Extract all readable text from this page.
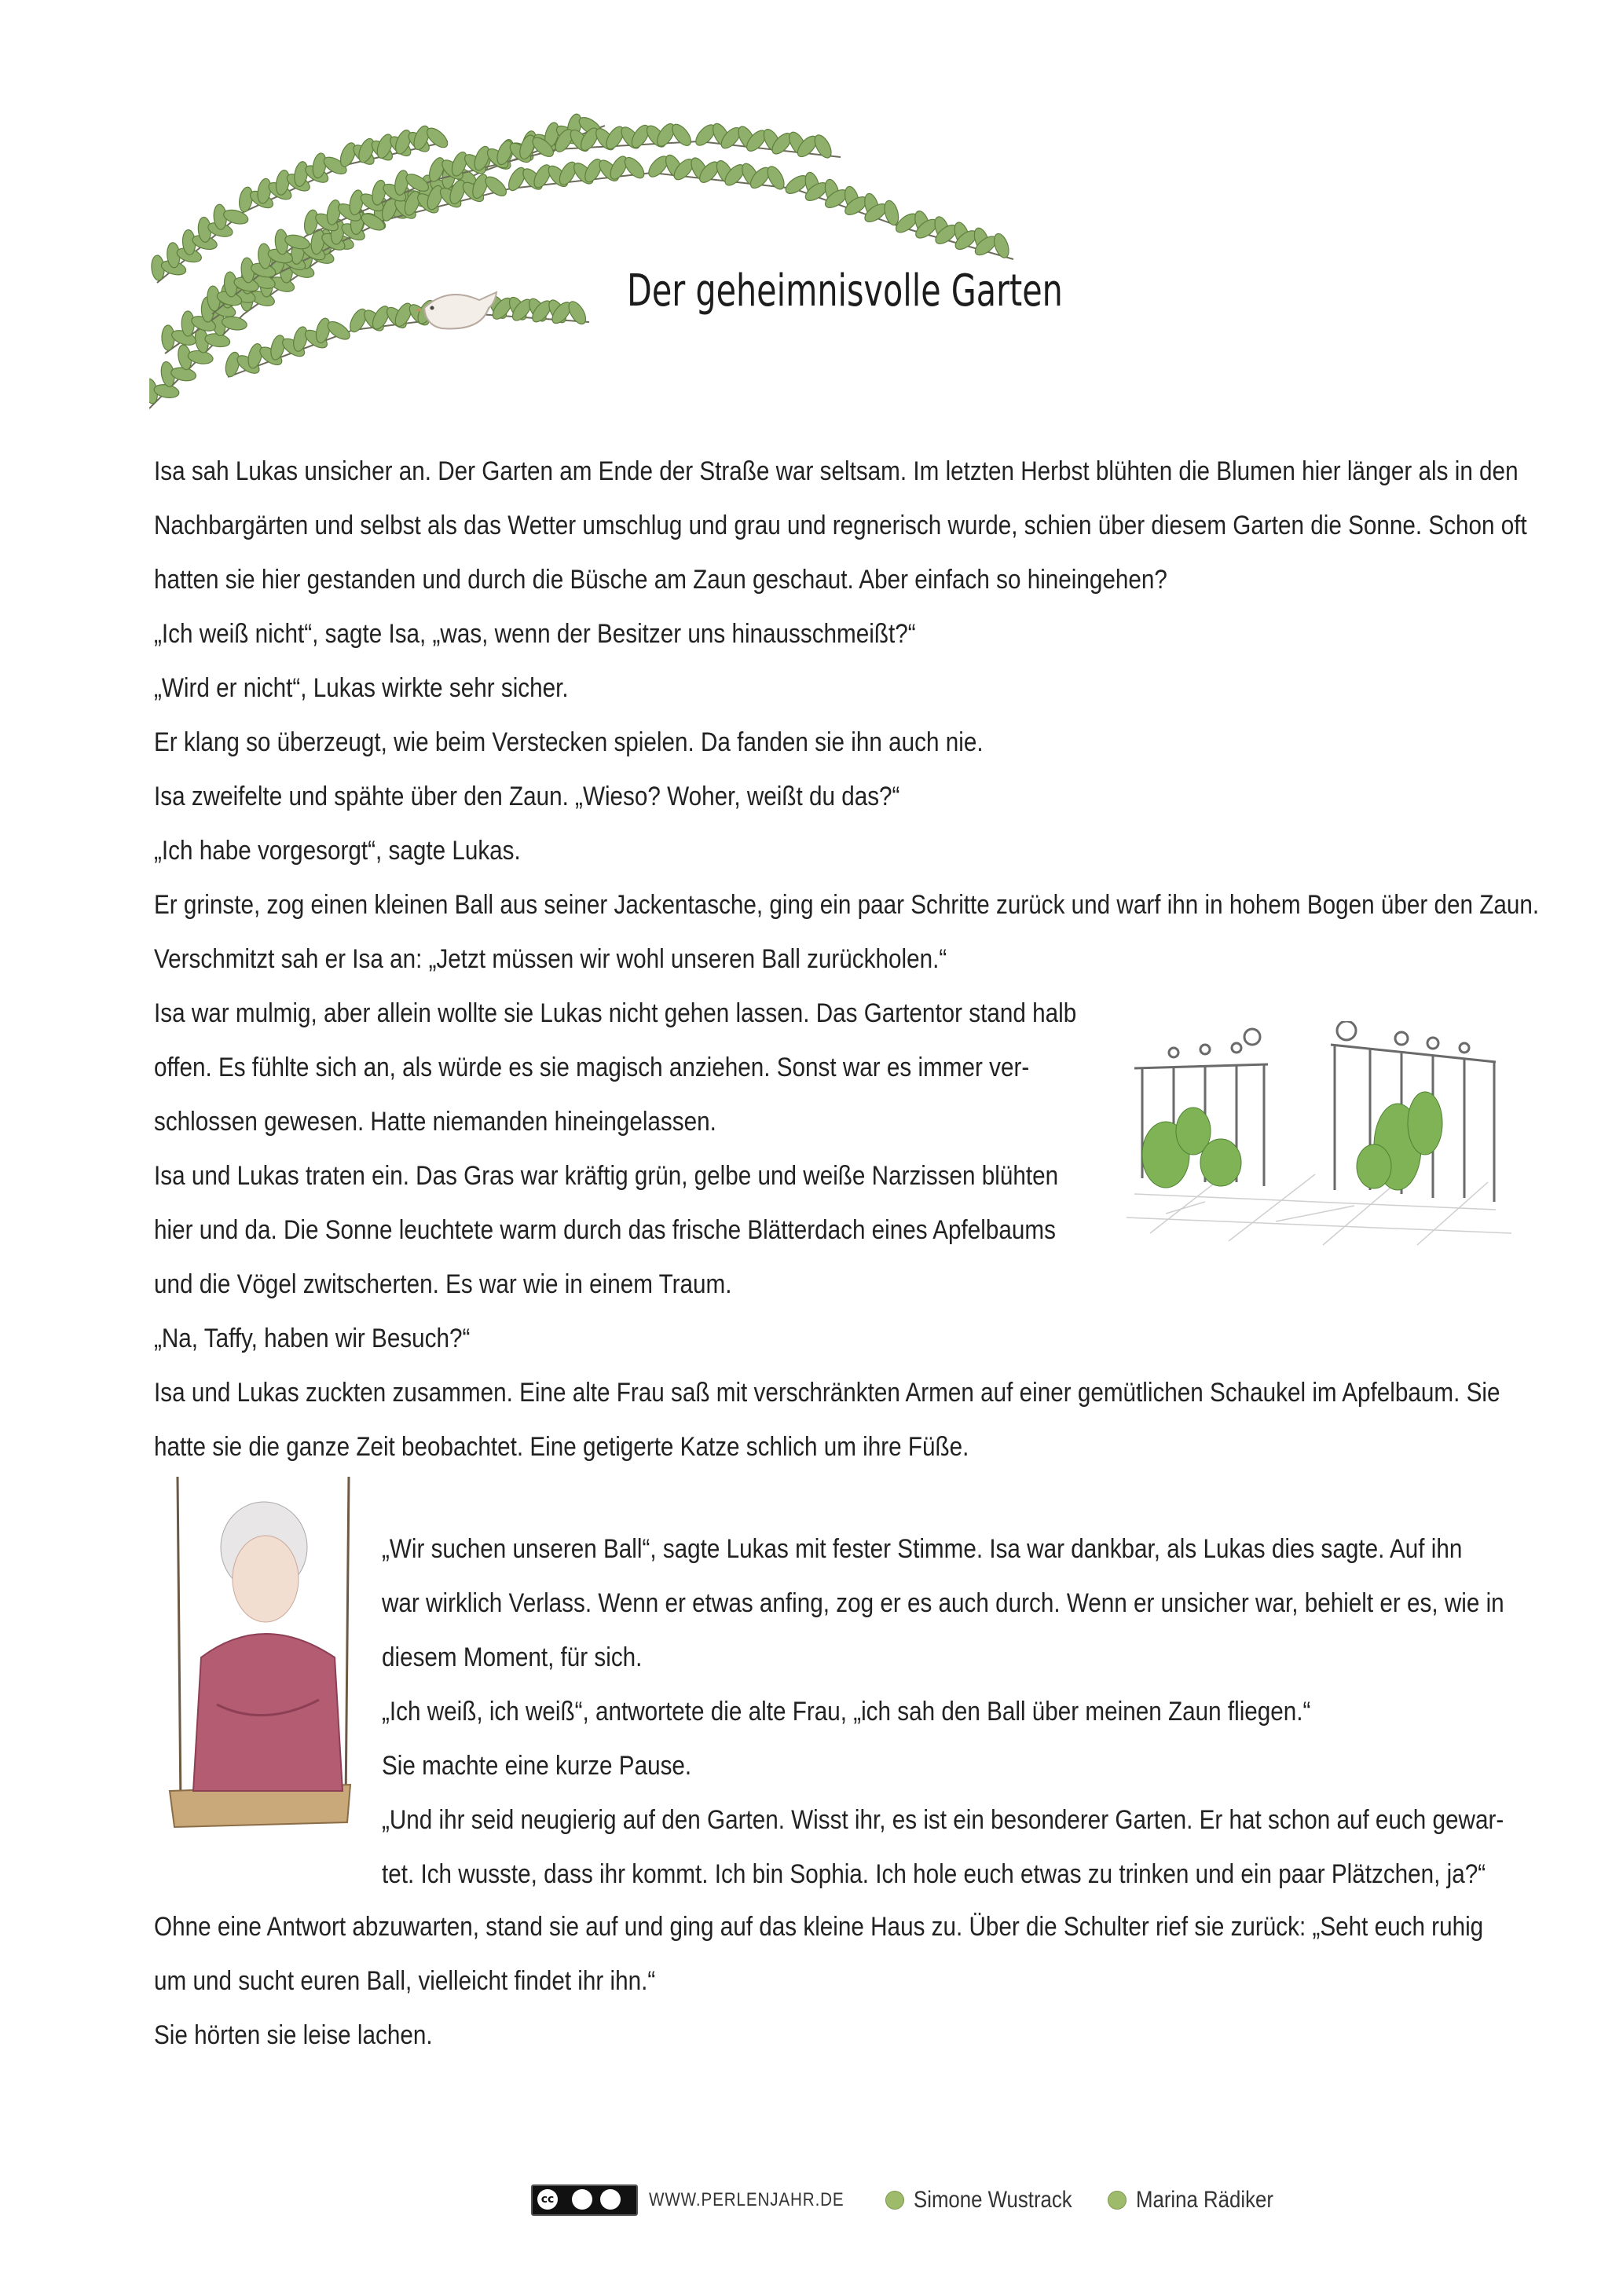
Der geheimnisvolle Garten

Isa sah Lukas unsicher an. Der Garten am Ende der Straße war seltsam. Im letzten Herbst blühten die Blumen hier länger als in den

Nachbargärten und selbst als das Wetter umschlug und grau und regnerisch wurde, schien über diesem Garten die Sonne. Schon oft

hatten sie hier gestanden und durch die Büsche am Zaun geschaut. Aber einfach so hineingehen?

„Ich weiß nicht“, sagte Isa, „was, wenn der Besitzer uns hinausschmeißt?“

„Wird er nicht“, Lukas wirkte sehr sicher.

Er klang so überzeugt, wie beim Verstecken spielen. Da fanden sie ihn auch nie.

Isa zweifelte und spähte über den Zaun. „Wieso? Woher, weißt du das?“

„Ich habe vorgesorgt“, sagte Lukas.

Er grinste, zog einen kleinen Ball aus seiner Jackentasche, ging ein paar Schritte zurück und warf ihn in hohem Bogen über den Zaun.

Verschmitzt sah er Isa an: „Jetzt müssen wir wohl unseren Ball zurückholen.“

Isa war mulmig, aber allein wollte sie Lukas nicht gehen lassen. Das Gartentor stand halb

offen. Es fühlte sich an, als würde es sie magisch anziehen. Sonst war es immer ver-

schlossen gewesen. Hatte niemanden hineingelassen.

Isa und Lukas traten ein. Das Gras war kräftig grün, gelbe und weiße Narzissen blühten

hier und da. Die Sonne leuchtete warm durch das frische Blätterdach eines Apfelbaums

und die Vögel zwitscherten. Es war wie in einem Traum.

„Na, Taffy, haben wir Besuch?“

Isa und Lukas zuckten zusammen. Eine alte Frau saß mit verschränkten Armen auf einer gemütlichen Schaukel im Apfelbaum. Sie

hatte sie die ganze Zeit beobachtet. Eine getigerte Katze schlich um ihre Füße.

„Wir suchen unseren Ball“, sagte Lukas mit fester Stimme. Isa war dankbar, als Lukas dies sagte. Auf ihn

war wirklich Verlass. Wenn er etwas anfing, zog er es auch durch. Wenn er unsicher war, behielt er es, wie in

diesem Moment, für sich.

„Ich weiß, ich weiß“, antwortete die alte Frau, „ich sah den Ball über meinen Zaun fliegen.“

Sie machte eine kurze Pause.

„Und ihr seid neugierig auf den Garten. Wisst ihr, es ist ein besonderer Garten. Er hat schon auf euch gewar-

tet. Ich wusste, dass ihr kommt. Ich bin Sophia. Ich hole euch etwas zu trinken und ein paar Plätzchen, ja?“

Ohne eine Antwort abzuwarten, stand sie auf und ging auf das kleine Haus zu. Über die Schulter rief sie zurück: „Seht euch ruhig

um und sucht euren Ball, vielleicht findet ihr ihn.“

Sie hörten sie leise lachen.

cc	WWW.PERLENJAHR.DE	Simone Wustrack	Marina Rädiker
